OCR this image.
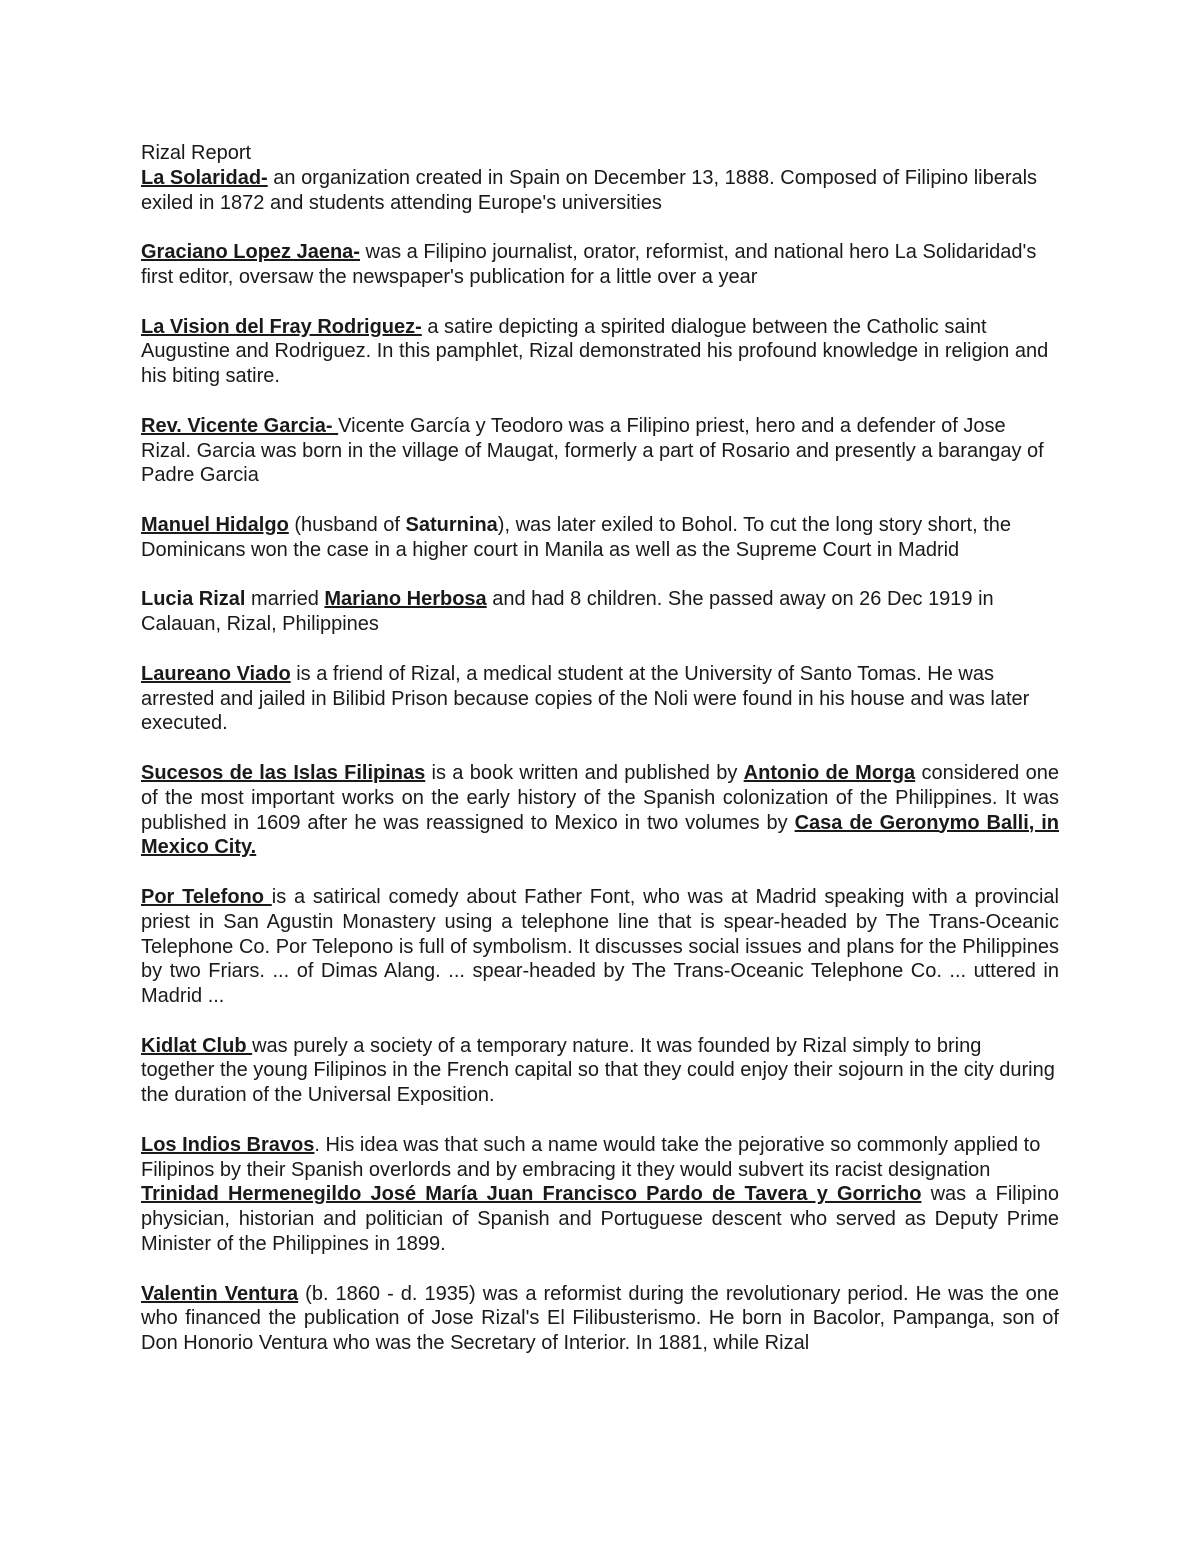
Rizal Report

La Solaridad- an organization created in Spain on December 13, 1888. Composed of Filipino liberals exiled in 1872 and students attending Europe's universities

Graciano Lopez Jaena- was a Filipino journalist, orator, reformist, and national hero La Solidaridad's first editor, oversaw the newspaper's publication for a little over a year

La Vision del Fray Rodriguez- a satire depicting a spirited dialogue between the Catholic saint Augustine and Rodriguez. In this pamphlet, Rizal demonstrated his profound knowledge in religion and his biting satire.

Rev. Vicente Garcia- Vicente García y Teodoro was a Filipino priest, hero and a defender of Jose Rizal. Garcia was born in the village of Maugat, formerly a part of Rosario and presently a barangay of Padre Garcia

Manuel Hidalgo (husband of Saturnina), was later exiled to Bohol. To cut the long story short, the Dominicans won the case in a higher court in Manila as well as the Supreme Court in Madrid

Lucia Rizal married Mariano Herbosa and had 8 children. She passed away on 26 Dec 1919 in Calauan, Rizal, Philippines

Laureano Viado is a friend of Rizal, a medical student at the University of Santo Tomas. He was arrested and jailed in Bilibid Prison because copies of the Noli were found in his house and was later executed.

Sucesos de las Islas Filipinas is a book written and published by Antonio de Morga considered one of the most important works on the early history of the Spanish colonization of the Philippines. It was published in 1609 after he was reassigned to Mexico in two volumes by Casa de Geronymo Balli, in Mexico City.

Por Telefono is a satirical comedy about Father Font, who was at Madrid speaking with a provincial priest in San Agustin Monastery using a telephone line that is spear-headed by The Trans-Oceanic Telephone Co. Por Telepono is full of symbolism. It discusses social issues and plans for the Philippines by two Friars. ... of Dimas Alang. ... spear-headed by The Trans-Oceanic Telephone Co. ... uttered in Madrid ...

Kidlat Club was purely a society of a temporary nature. It was founded by Rizal simply to bring together the young Filipinos in the French capital so that they could enjoy their sojourn in the city during the duration of the Universal Exposition.

Los Indios Bravos. His idea was that such a name would take the pejorative so commonly applied to Filipinos by their Spanish overlords and by embracing it they would subvert its racist designation

Trinidad Hermenegildo José María Juan Francisco Pardo de Tavera y Gorricho was a Filipino physician, historian and politician of Spanish and Portuguese descent who served as Deputy Prime Minister of the Philippines in 1899.

Valentin Ventura (b. 1860 - d. 1935) was a reformist during the revolutionary period. He was the one who financed the publication of Jose Rizal's El Filibusterismo. He born in Bacolor, Pampanga, son of Don Honorio Ventura who was the Secretary of Interior. In 1881, while Rizal
